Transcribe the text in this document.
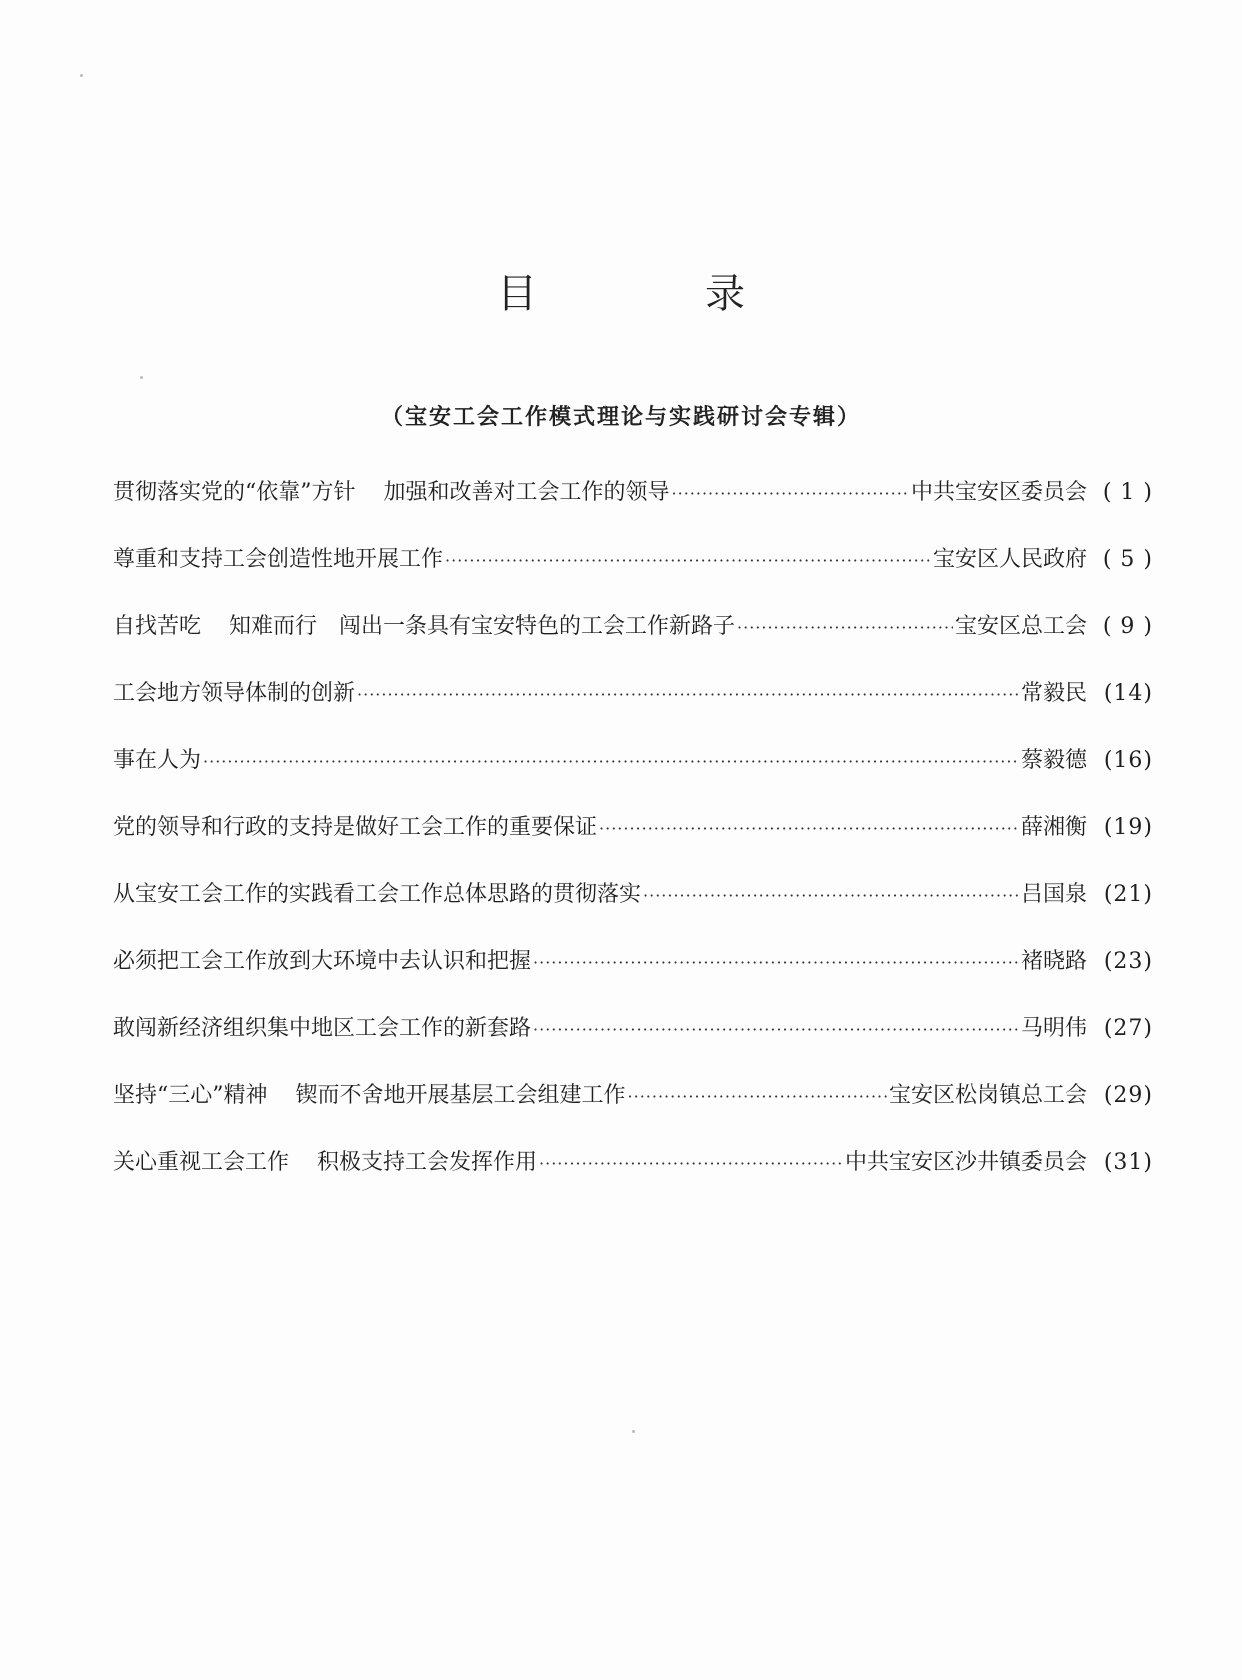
目	录
（宝安工会工作模式理论与实践研讨会专辑）
贯彻落实党的“依靠”方针 加强和改善对工会工作的领导 ·····	中共宝安区委员会 ( 1 )
尊重和支持工会创造性地开展工作 ·····	宝安区人民政府 ( 5 )
自找苦吃 知难而行　闯出一条具有宝安特色的工会工作新路子 ·····	宝安区总工会 ( 9 )
工会地方领导体制的创新 ·····	常毅民 (14)
事在人为 ·····	蔡毅德 (16)
党的领导和行政的支持是做好工会工作的重要保证 ·····	薛湘衡 (19)
从宝安工会工作的实践看工会工作总体思路的贯彻落实 ·····	吕国泉 (21)
必须把工会工作放到大环境中去认识和把握 ·····	褚晓路 (23)
敢闯新经济组织集中地区工会工作的新套路 ·····	马明伟 (27)
坚持“三心”精神 锲而不舍地开展基层工会组建工作 ·····	宝安区松岗镇总工会 (29)
关心重视工会工作 积极支持工会发挥作用 ·····	中共宝安区沙井镇委员会 (31)
